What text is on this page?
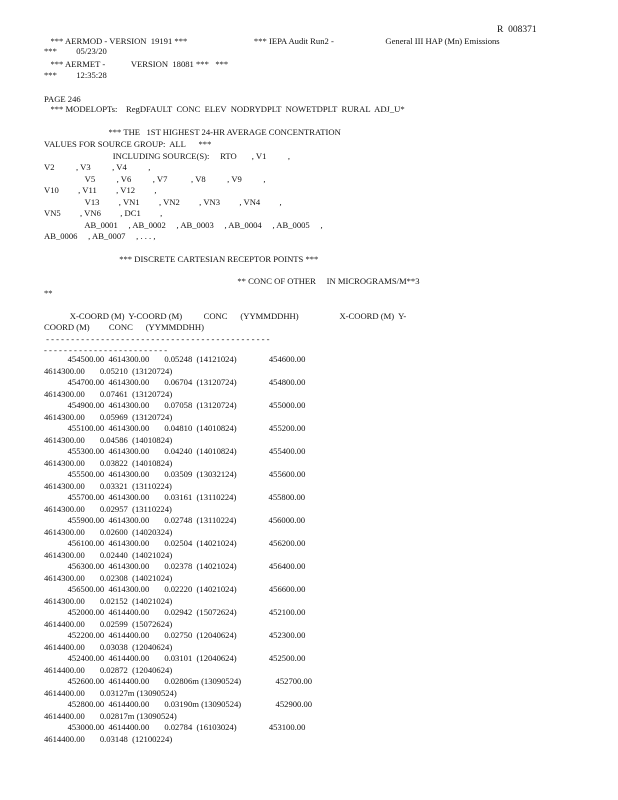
R  008371
*** AERMOD - VERSION  19191 ***                               *** IEPA Audit Run2 -                        General III HAP (Mn) Emissions
***         05/23/20
*** AERMET -            VERSION  18081 ***   ***
***         12:35:28
PAGE 246
*** MODELOPTs:    RegDFAULT  CONC  ELEV  NODRYDPLT  NOWETDPLT  RURAL  ADJ_U*
*** THE   1ST HIGHEST 24-HR AVERAGE CONCENTRATION
VALUES FOR SOURCE GROUP:  ALL      ***
INCLUDING SOURCE(S):     RTO       , V1          ,
V2          , V3          , V4          ,
V5          , V6          , V7           , V8          , V9          ,
V10         , V11         , V12         ,
V13         , VN1         , VN2         , VN3         , VN4         ,
VN5         , VN6         , DC1         ,
AB_0001     , AB_0002     , AB_0003     , AB_0004     , AB_0005     ,
AB_0006     , AB_0007     , . . . ,
*** DISCRETE CARTESIAN RECEPTOR POINTS ***
** CONC OF OTHER     IN MICROGRAMS/M**3
**
X-COORD (M)  Y-COORD (M)          CONC      (YYMMDDHH)                   X-COORD (M)  Y-
COORD (M)         CONC      (YYMMDDHH)
- - - - - - - - - - - - - - - - - - - - - - - - - - - - - - - - - - - - - - - - - - - - -
- - - - - - - - - - - - - - - - - - - - - - - - -
454500.00  4614300.00       0.05248  (14121024)               454600.00
4614300.00       0.05210  (13120724)
454700.00  4614300.00       0.06704  (13120724)               454800.00
4614300.00       0.07461  (13120724)
454900.00  4614300.00       0.07058  (13120724)               455000.00
4614300.00       0.05969  (13120724)
455100.00  4614300.00       0.04810  (14010824)               455200.00
4614300.00       0.04586  (14010824)
455300.00  4614300.00       0.04240  (14010824)               455400.00
4614300.00       0.03822  (14010824)
455500.00  4614300.00       0.03509  (13032124)               455600.00
4614300.00       0.03321  (13110224)
455700.00  4614300.00       0.03161  (13110224)               455800.00
4614300.00       0.02957  (13110224)
455900.00  4614300.00       0.02748  (13110224)               456000.00
4614300.00       0.02600  (14020324)
456100.00  4614300.00       0.02504  (14021024)               456200.00
4614300.00       0.02440  (14021024)
456300.00  4614300.00       0.02378  (14021024)               456400.00
4614300.00       0.02308  (14021024)
456500.00  4614300.00       0.02220  (14021024)               456600.00
4614300.00       0.02152  (14021024)
452000.00  4614400.00       0.02942  (15072624)               452100.00
4614400.00       0.02599  (15072624)
452200.00  4614400.00       0.02750  (12040624)               452300.00
4614400.00       0.03038  (12040624)
452400.00  4614400.00       0.03101  (12040624)               452500.00
4614400.00       0.02872  (12040624)
452600.00  4614400.00       0.02806m (13090524)                452700.00
4614400.00       0.03127m (13090524)
452800.00  4614400.00       0.03190m (13090524)                452900.00
4614400.00       0.02817m (13090524)
453000.00  4614400.00       0.02784  (16103024)               453100.00
4614400.00       0.03148  (12100224)
